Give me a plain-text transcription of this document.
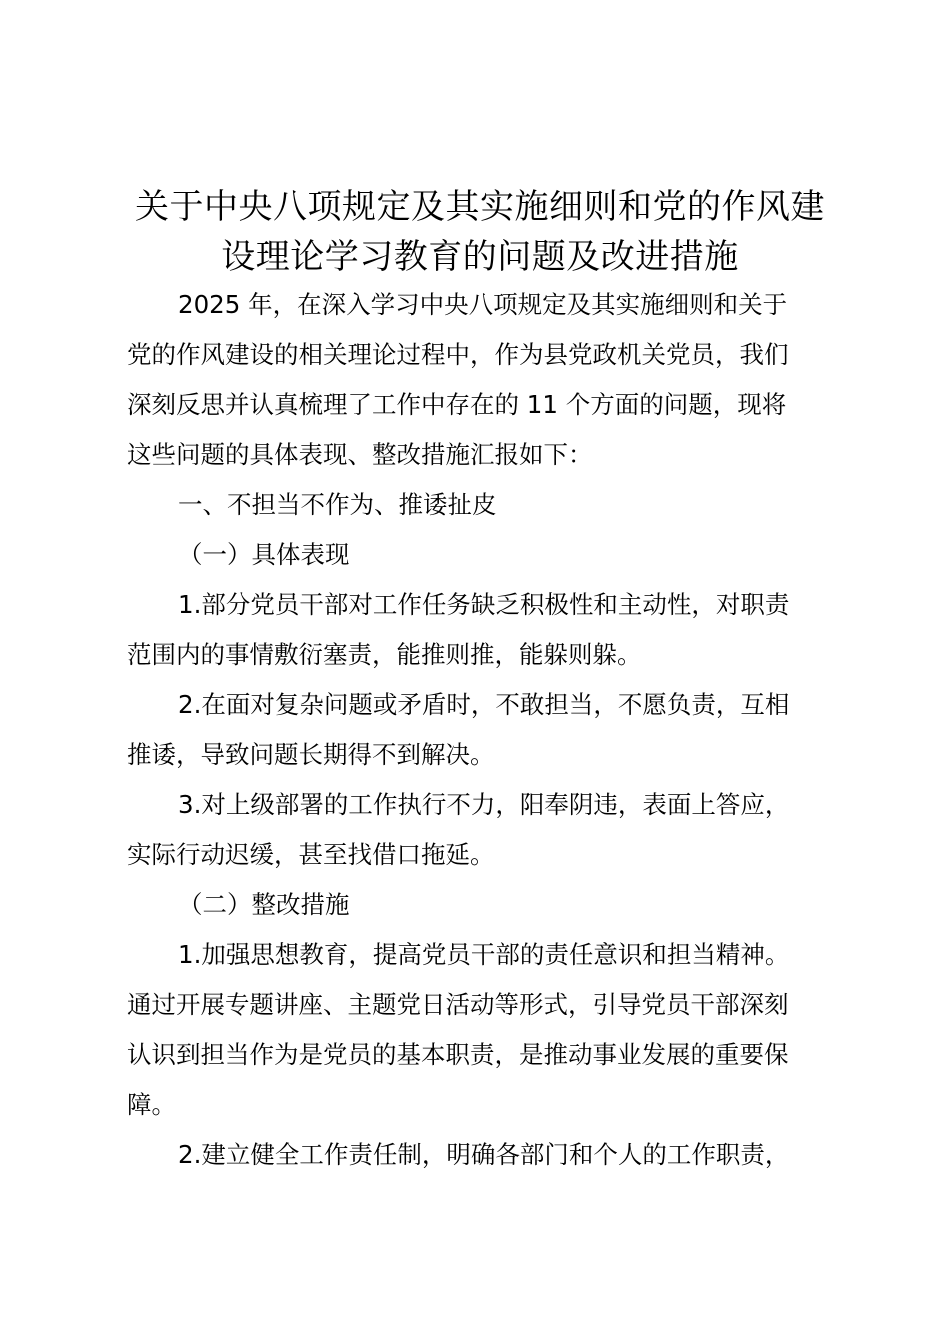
关于中央八项规定及其实施细则和党的作风建
设理论学习教育的问题及改进措施
2025 年，在深入学习中央八项规定及其实施细则和关于
党的作风建设的相关理论过程中，作为县党政机关党员，我们
深刻反思并认真梳理了工作中存在的 11 个方面的问题，现将
这些问题的具体表现、整改措施汇报如下：
一、不担当不作为、推诿扯皮
（一）具体表现
1.部分党员干部对工作任务缺乏积极性和主动性，对职责
范围内的事情敷衍塞责，能推则推，能躲则躲。
2.在面对复杂问题或矛盾时，不敢担当，不愿负责，互相
推诿，导致问题长期得不到解决。
3.对上级部署的工作执行不力，阳奉阴违，表面上答应，
实际行动迟缓，甚至找借口拖延。
（二）整改措施
1.加强思想教育，提高党员干部的责任意识和担当精神。
通过开展专题讲座、主题党日活动等形式，引导党员干部深刻
认识到担当作为是党员的基本职责，是推动事业发展的重要保
障。
2.建立健全工作责任制，明确各部门和个人的工作职责，
